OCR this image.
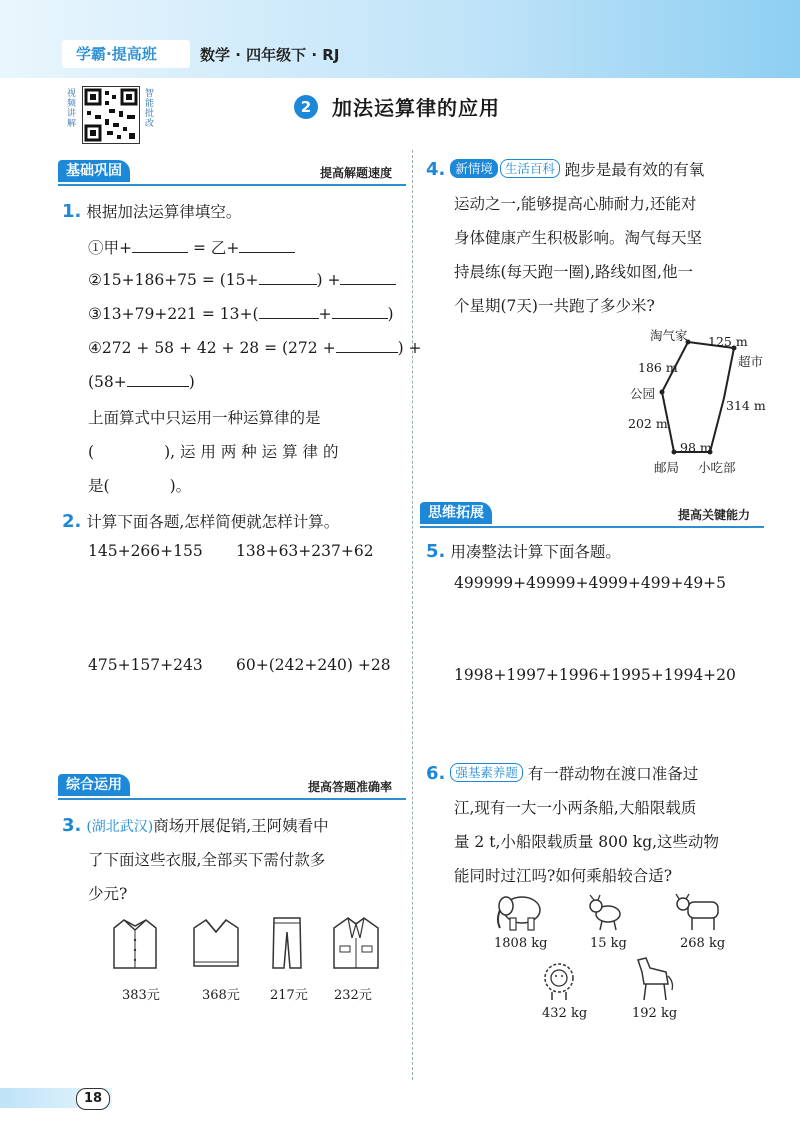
学霸·提高班	数学 · 四年级下 · RJ
视频讲解	智能批改	2	加法运算律的应用
基础巩固	提高解题速度
1. 根据加法运算律填空。
①甲+	= 乙+
②15+186+75 = (15+	) +
③13+79+221 = 13+(	+	)
④272 + 58 + 42 + 28 = (272 +	) +
(58+	)
上面算式中只运用一种运算律的是
(	), 运 用 两 种 运 算 律 的
是(	)。
2. 计算下面各题,怎样简便就怎样计算。
145+266+155 138+63+237+62
475+157+243 60+(242+240) +28
综合运用	提高答题准确率
3. (湖北武汉)商场开展促销,王阿姨看中
了下面这些衣服,全部买下需付款多
少元?
383元	368元 217元 232元
4. 新情境 生活百科 跑步是最有效的有氧
运动之一,能够提高心肺耐力,还能对
身体健康产生积极影响。淘气每天坚
持晨练(每天跑一圈),路线如图,他一
个星期(7天)一共跑了多少米?
淘气家
超市
公园
邮局 小吃部
125 m
186 m
314 m
202 m
98 m
思维拓展	提高关键能力
5. 用凑整法计算下面各题。
499999+49999+4999+499+49+5
1998+1997+1996+1995+1994+20
6. 强基素养题 有一群动物在渡口准备过
江,现有一大一小两条船,大船限载质
量 2 t,小船限载质量 800 kg,这些动物
能同时过江吗?如何乘船较合适?
1808 kg	15 kg	268 kg
432 kg	192 kg
18
